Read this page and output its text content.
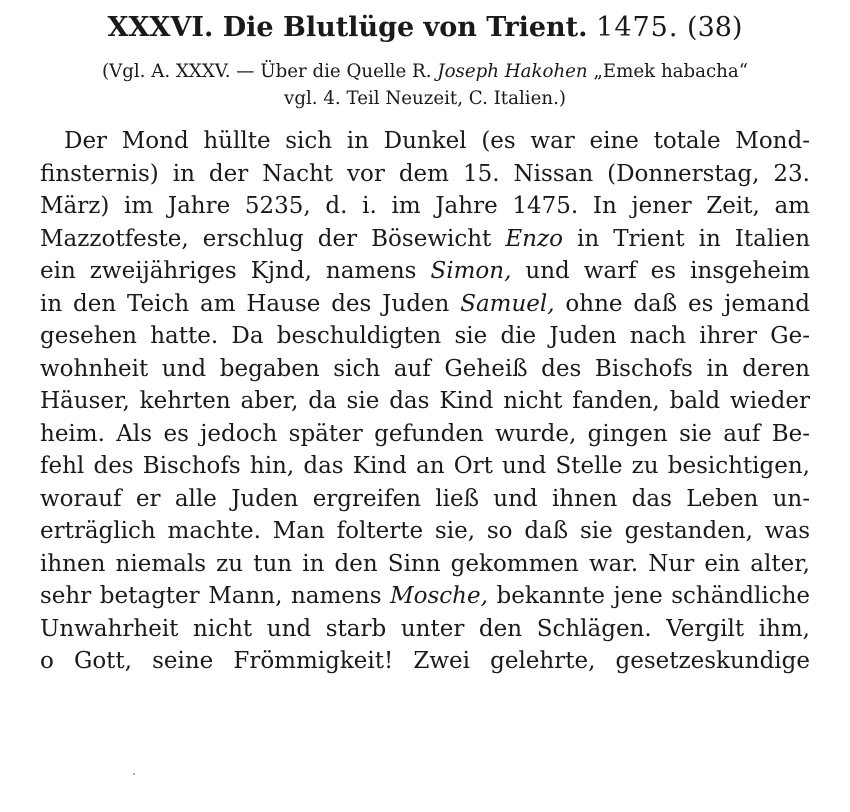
XXXVI. Die Blutlüge von Trient. 1475. (38)
(Vgl. A. XXXV. — Über die Quelle R. Joseph Hakohen „Emek habacha“
vgl. 4. Teil Neuzeit, C. Italien.)
Der Mond hüllte sich in Dunkel (es war eine totale Mond-
finsternis) in der Nacht vor dem 15. Nissan (Donnerstag, 23.
März) im Jahre 5235, d. i. im Jahre 1475. In jener Zeit, am
Mazzotfeste, erschlug der Bösewicht Enzo in Trient in Italien
ein zweijähriges Kjnd, namens Simon, und warf es insgeheim
in den Teich am Hause des Juden Samuel, ohne daß es jemand
gesehen hatte. Da beschuldigten sie die Juden nach ihrer Ge-
wohnheit und begaben sich auf Geheiß des Bischofs in deren
Häuser, kehrten aber, da sie das Kind nicht fanden, bald wieder
heim. Als es jedoch später gefunden wurde, gingen sie auf Be-
fehl des Bischofs hin, das Kind an Ort und Stelle zu besichtigen,
worauf er alle Juden ergreifen ließ und ihnen das Leben un-
erträglich machte. Man folterte sie, so daß sie gestanden, was
ihnen niemals zu tun in den Sinn gekommen war. Nur ein alter,
sehr betagter Mann, namens Mosche, bekannte jene schändliche
Unwahrheit nicht und starb unter den Schlägen. Vergilt ihm,
o Gott, seine Frömmigkeit! Zwei gelehrte, gesetzeskundige
